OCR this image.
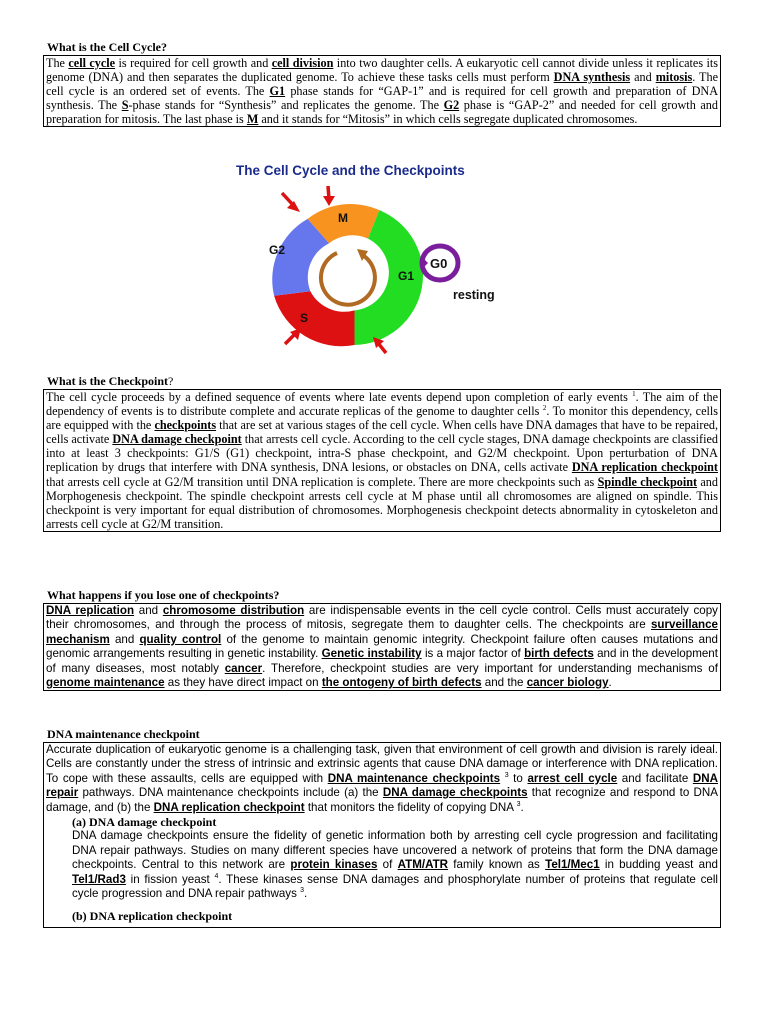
What is the Cell Cycle?
The cell cycle is required for cell growth and cell division into two daughter cells. A eukaryotic cell cannot divide unless it replicates its genome (DNA) and then separates the duplicated genome. To achieve these tasks cells must perform DNA synthesis and mitosis. The cell cycle is an ordered set of events. The G1 phase stands for “GAP-1” and is required for cell growth and preparation of DNA synthesis. The S-phase stands for “Synthesis” and replicates the genome. The G2 phase is “GAP-2” and needed for cell growth and preparation for mitosis. The last phase is M and it stands for “Mitosis” in which cells segregate duplicated chromosomes.
The Cell Cycle and the Checkpoints
M
G1
S
G2
G0
resting
What is the Checkpoint?
The cell cycle proceeds by a defined sequence of events where late events depend upon completion of early events $^1$. The aim of the dependency of events is to distribute complete and accurate replicas of the genome to daughter cells $^2$. To monitor this dependency, cells are equipped with the checkpoints that are set at various stages of the cell cycle. When cells have DNA damages that have to be repaired, cells activate DNA damage checkpoint that arrests cell cycle. According to the cell cycle stages, DNA damage checkpoints are classified into at least 3 checkpoints: G1/S (G1) checkpoint, intra-S phase checkpoint, and G2/M checkpoint. Upon perturbation of DNA replication by drugs that interfere with DNA synthesis, DNA lesions, or obstacles on DNA, cells activate DNA replication checkpoint that arrests cell cycle at G2/M transition until DNA replication is complete. There are more checkpoints such as Spindle checkpoint and Morphogenesis checkpoint. The spindle checkpoint arrests cell cycle at M phase until all chromosomes are aligned on spindle. This checkpoint is very important for equal distribution of chromosomes. Morphogenesis checkpoint detects abnormality in cytoskeleton and arrests cell cycle at G2/M transition.
What happens if you lose one of checkpoints?
DNA replication and chromosome distribution are indispensable events in the cell cycle control. Cells must accurately copy their chromosomes, and through the process of mitosis, segregate them to daughter cells. The checkpoints are surveillance mechanism and quality control of the genome to maintain genomic integrity. Checkpoint failure often causes mutations and genomic arrangements resulting in genetic instability. Genetic instability is a major factor of birth defects and in the development of many diseases, most notably cancer. Therefore, checkpoint studies are very important for understanding mechanisms of genome maintenance as they have direct impact on the ontogeny of birth defects and the cancer biology.
DNA maintenance checkpoint
Accurate duplication of eukaryotic genome is a challenging task, given that environment of cell growth and division is rarely ideal. Cells are constantly under the stress of intrinsic and extrinsic agents that cause DNA damage or interference with DNA replication. To cope with these assaults, cells are equipped with DNA maintenance checkpoints $^3$ to arrest cell cycle and facilitate DNA repair pathways. DNA maintenance checkpoints include (a) the DNA damage checkpoints that recognize and respond to DNA damage, and (b) the DNA replication checkpoint that monitors the fidelity of copying DNA $^3$.
(a) DNA damage checkpoint
DNA damage checkpoints ensure the fidelity of genetic information both by arresting cell cycle progression and facilitating DNA repair pathways. Studies on many different species have uncovered a network of proteins that form the DNA damage checkpoints. Central to this network are protein kinases of ATM/ATR family known as Tel1/Mec1 in budding yeast and Tel1/Rad3 in fission yeast $^4$. These kinases sense DNA damages and phosphorylate number of proteins that regulate cell cycle progression and DNA repair pathways $^3$.
(b) DNA replication checkpoint
